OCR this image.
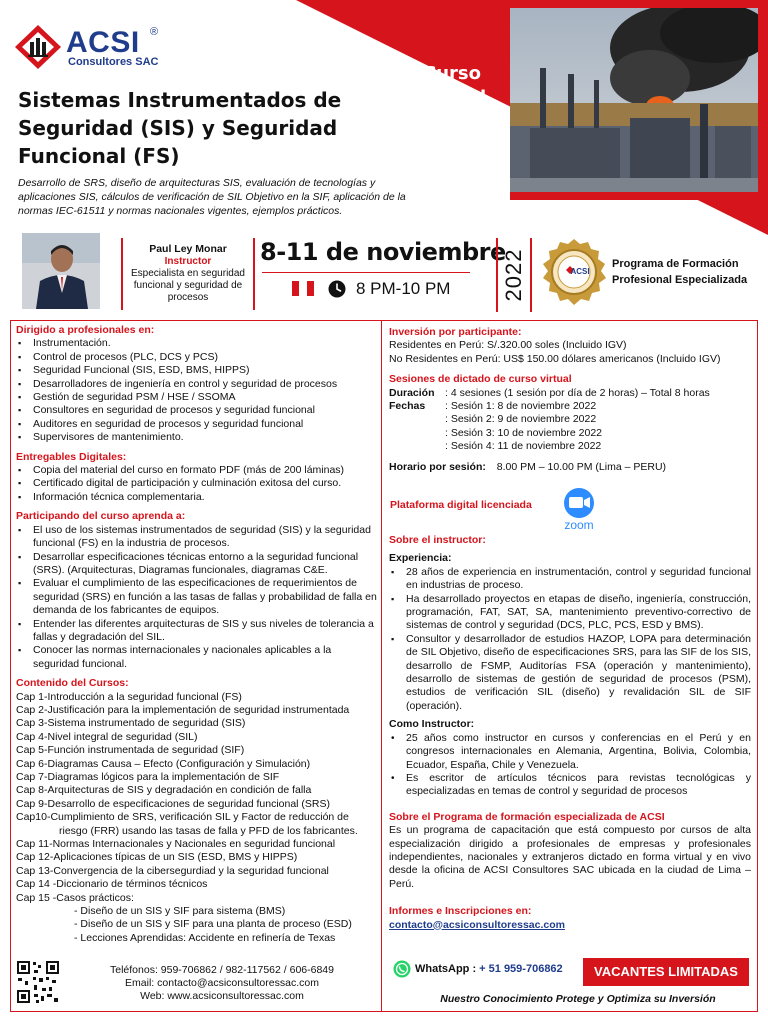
ACSI ®
Consultores SAC
Curso
Virtual
Sistemas Instrumentados de Seguridad (SIS) y Seguridad Funcional (FS)
Desarrollo de SRS, diseño de arquitecturas SIS, evaluación de tecnologías y aplicaciones SIS, cálculos de verificación de SIL Objetivo en la SIF, aplicación de la normas IEC-61511 y normas nacionales vigentes, ejemplos prácticos.
Paul Ley Monar
Instructor
Especialista en seguridad funcional y seguridad de procesos
8-11 de noviembre
8 PM-10 PM 2022	ACSI
Programa de Formación
Profesional Especializada
Dirigido a profesionales en:
▪ Instrumentación.
▪ Control de procesos (PLC, DCS y PCS)
▪ Seguridad Funcional (SIS, ESD, BMS, HIPPS)
▪ Desarrolladores de ingeniería en control y seguridad de procesos
▪ Gestión de seguridad PSM / HSE / SSOMA
▪ Consultores en seguridad de procesos y seguridad funcional
▪ Auditores en seguridad de procesos y seguridad funcional
▪ Supervisores de mantenimiento.
Entregables Digitales:
▪ Copia del material del curso en formato PDF (más de 200 láminas)
▪ Certificado digital de participación y culminación exitosa del curso.
▪ Información técnica complementaria.
Participando del curso aprenda a:
▪ El uso de los sistemas instrumentados de seguridad (SIS) y la seguridad funcional (FS) en la industria de procesos.
▪ Desarrollar especificaciones técnicas entorno a la seguridad funcional (SRS). (Arquitecturas, Diagramas funcionales, diagramas C&E.
▪ Evaluar el cumplimiento de las especificaciones de requerimientos de seguridad (SRS) en función a las tasas de fallas y probabilidad de falla en demanda de los fabricantes de equipos.
▪ Entender las diferentes arquitecturas de SIS y sus niveles de tolerancia a fallas y degradación del SIL.
▪ Conocer las normas internacionales y nacionales aplicables a la seguridad funcional.
Contenido del Cursos:
Cap 1-Introducción a la seguridad funcional (FS)
Cap 2-Justificación para la implementación de seguridad instrumentada
Cap 3-Sistema instrumentado de seguridad (SIS)
Cap 4-Nivel integral de seguridad (SIL)
Cap 5-Función instrumentada de seguridad (SIF)
Cap 6-Diagramas Causa – Efecto (Configuración y Simulación)
Cap 7-Diagramas lógicos para la implementación de SIF
Cap 8-Arquitecturas de SIS y degradación en condición de falla
Cap 9-Desarrollo de especificaciones de seguridad funcional (SRS)
Cap10-Cumplimiento de SRS, verificación SIL y Factor de reducción de
riesgo (FRR) usando las tasas de falla y PFD de los fabricantes.
Cap 11-Normas Internacionales y Nacionales en seguridad funcional
Cap 12-Aplicaciones típicas de un SIS (ESD, BMS y HIPPS)
Cap 13-Convergencia de la cibersegurdiad y la seguridad funcional
Cap 14 -Diccionario de términos técnicos
Cap 15 -Casos prácticos:
- Diseño de un SIS y SIF para sistema (BMS)
- Diseño de un SIS y SIF para una planta de proceso (ESD)
- Lecciones Aprendidas: Accidente en refinería de Texas
Teléfonos: 959-706862 / 982-117562 / 606-6849
Email: contacto@acsiconsultoressac.com
Web: www.acsiconsultoressac.com
Inversión por participante:
Residentes en Perú: S/.320.00 soles (Incluido IGV)
No Residentes en Perú: US$ 150.00 dólares americanos (Incluido IGV)
Sesiones de dictado de curso virtual
Duración : 4 sesiones (1 sesión por día de 2 horas) – Total 8 horas
Fechas	: Sesión 1: 8 de noviembre 2022
: Sesión 2: 9 de noviembre 2022
: Sesión 3: 10 de noviembre 2022
: Sesión 4: 11 de noviembre 2022
Horario por sesión: 8.00 PM – 10.00 PM (Lima – PERU)
Plataforma digital licenciada
zoom
Sobre el instructor:
Experiencia:
▪ 28 años de experiencia en instrumentación, control y seguridad funcional en industrias de proceso.
▪ Ha desarrollado proyectos en etapas de diseño, ingeniería, construcción, programación, FAT, SAT, SA, mantenimiento preventivo-correctivo de sistemas de control y seguridad (DCS, PLC, PCS, ESD y BMS).
▪ Consultor y desarrollador de estudios HAZOP, LOPA para determinación de SIL Objetivo, diseño de especificaciones SRS, para las SIF de los SIS, desarrollo de FSMP, Auditorías FSA (operación y mantenimiento), desarrollo de sistemas de gestión de seguridad de procesos (PSM), estudios de verificación SIL (diseño) y revalidación SIL de SIF (operación).
Como Instructor:
• 25 años como instructor en cursos y conferencias en el Perú y en congresos internacionales en Alemania, Argentina, Bolivia, Colombia, Ecuador, España, Chile y Venezuela.
• Es escritor de artículos técnicos para revistas tecnológicas y especializadas en temas de control y seguridad de procesos
Sobre el Programa de formación especializada de ACSI
Es un programa de capacitación que está compuesto por cursos de alta especialización dirigido a profesionales de empresas y profesionales independientes, nacionales y extranjeros dictado en forma virtual y en vivo desde la oficina de ACSI Consultores SAC ubicada en la ciudad de Lima – Perú.
Informes e Inscripciones en:
contacto@acsiconsultoressac.com
WhatsApp : + 51 959-706862	VACANTES LIMITADAS
Nuestro Conocimiento Protege y Optimiza su Inversión
